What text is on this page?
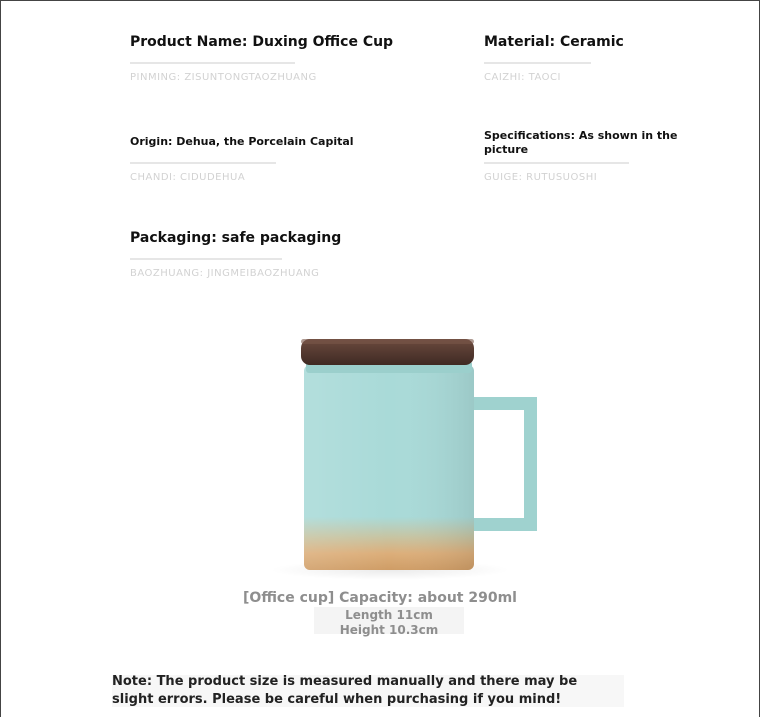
Product Name: Duxing Office Cup
PINMING: ZISUNTONGTAOZHUANG
Material: Ceramic
CAIZHI: TAOCI
Origin: Dehua, the Porcelain Capital
CHANDI: CIDUDEHUA
Specifications: As shown in the picture
GUIGE: RUTUSUOSHI
Packaging: safe packaging
BAOZHUANG: JINGMEIBAOZHUANG
[Office cup] Capacity: about 290ml
Length 11cm
Height 10.3cm
Note: The product size is measured manually and there may be slight errors. Please be careful when purchasing if you mind!
